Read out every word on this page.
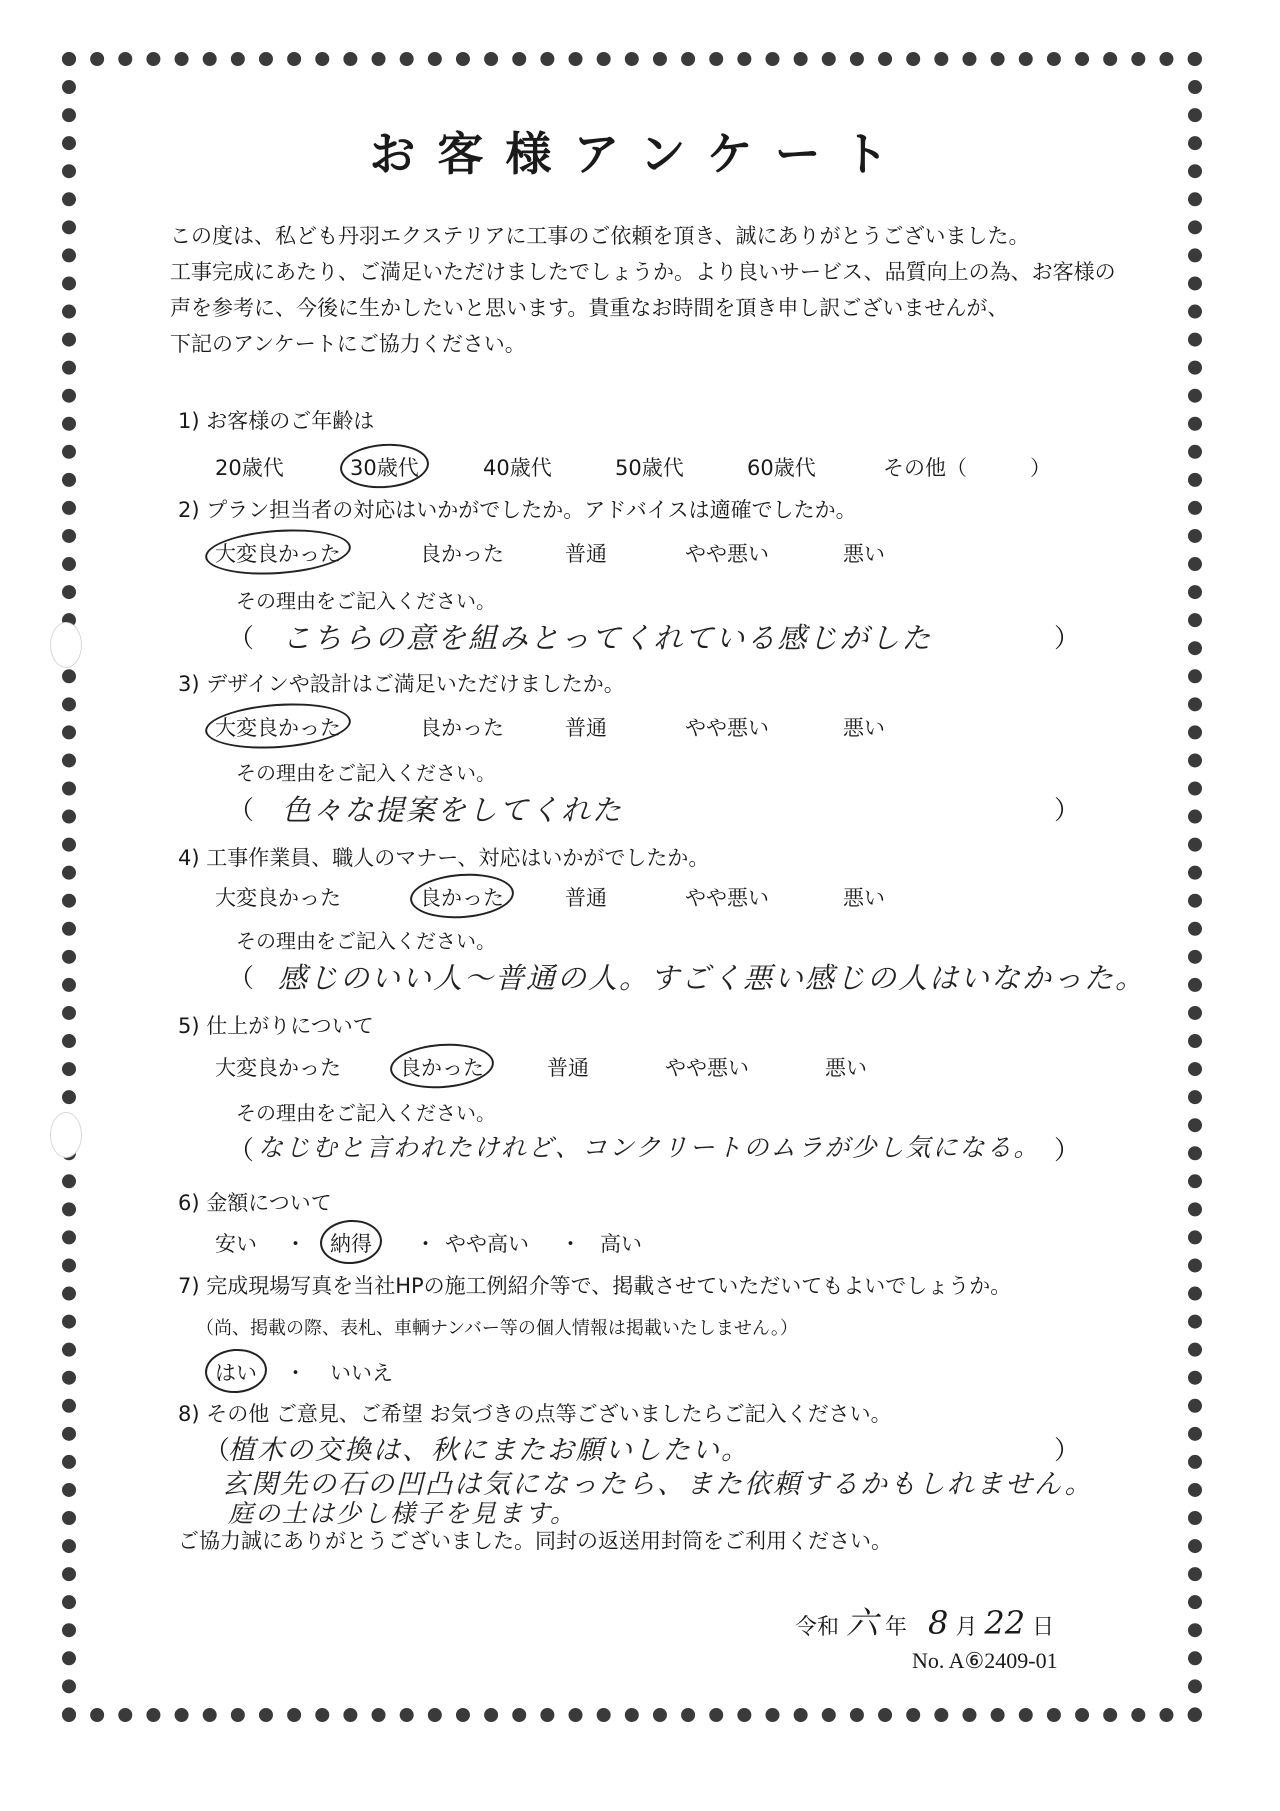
お客様アンケート
この度は、私ども丹羽エクステリアに工事のご依頼を頂き、誠にありがとうございました。
工事完成にあたり、ご満足いただけましたでしょうか。より良いサービス、品質向上の為、お客様の
声を参考に、今後に生かしたいと思います。貴重なお時間を頂き申し訳ございませんが、
下記のアンケートにご協力ください。
1) お客様のご年齢は
20歳代	30歳代	40歳代	50歳代	60歳代	その他（　　　）
2) プラン担当者の対応はいかがでしたか。アドバイスは適確でしたか。
大変良かった	良かった	普通	やや悪い	悪い
その理由をご記入ください。
（ こちらの意を組みとってくれている感じがした	）
3) デザインや設計はご満足いただけましたか。
大変良かった	良かった	普通	やや悪い	悪い
その理由をご記入ください。
（ 色々な提案をしてくれた	）
4) 工事作業員、職人のマナー、対応はいかがでしたか。
大変良かった	良かった	普通	やや悪い	悪い
その理由をご記入ください。
（ 感じのいい人～普通の人。すごく悪い感じの人はいなかった。
5) 仕上がりについて
大変良かった	良かった	普通	やや悪い	悪い
その理由をご記入ください。
（ なじむと言われたけれど、コンクリートのムラが少し気になる。 ）
6) 金額について
安い ・ 納得 ・ やや高い ・ 高い
7) 完成現場写真を当社HPの施工例紹介等で、掲載させていただいてもよいでしょうか。
（尚、掲載の際、表札、車輌ナンバー等の個人情報は掲載いたしません。）
はい ・ いいえ
8) その他 ご意見、ご希望 お気づきの点等ございましたらご記入ください。
（
植木の交換は、秋にまたお願いしたい。	）
玄関先の石の凹凸は気になったら、また依頼するかもしれません。
庭の土は少し様子を見ます。
ご協力誠にありがとうございました。同封の返送用封筒をご利用ください。
令和 六 年 8 月 22 日
No. A⑥2409-01
